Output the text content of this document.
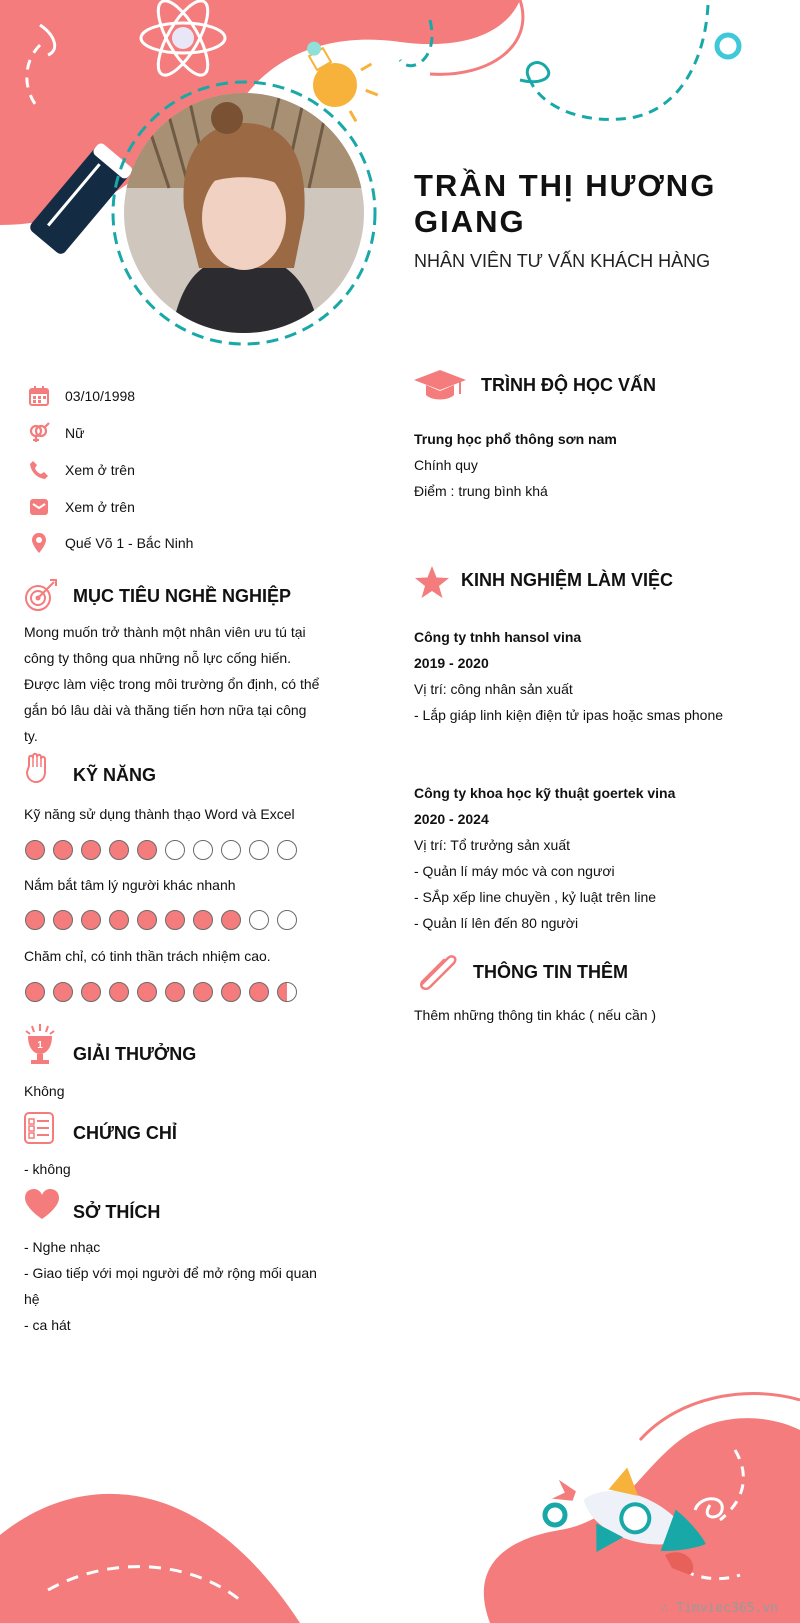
TRẦN THỊ HƯƠNG GIANG
NHÂN VIÊN TƯ VẤN KHÁCH HÀNG
03/10/1998
Nữ
Xem ở trên
Xem ở trên
Quế Võ 1 - Bắc Ninh
MỤC TIÊU NGHỀ NGHIỆP
Mong muốn trở thành một nhân viên ưu tú tại
công ty thông qua những nỗ lực cống hiến.
Được làm việc trong môi trường ổn định, có thể
gắn bó lâu dài và thăng tiến hơn nữa tại công
ty.
KỸ NĂNG
Kỹ năng sử dụng thành thạo Word và Excel
Nắm bắt tâm lý người khác nhanh
Chăm chỉ, có tinh thần trách nhiệm cao.
1 GIẢI THƯỞNG
Không
CHỨNG CHỈ
- không
SỞ THÍCH
- Nghe nhạc
- Giao tiếp với mọi người để mở rộng mối quan
hệ
- ca hát
TRÌNH ĐỘ HỌC VẤN
Trung học phổ thông sơn nam
Chính quy
Điểm : trung bình khá
KINH NGHIỆM LÀM VIỆC
Công ty tnhh hansol vina
2019 - 2020
Vị trí: công nhân sản xuất
- Lắp giáp linh kiện điện tử ipas hoặc smas phone
Công ty khoa học kỹ thuật goertek vina
2020 - 2024
Vị trí: Tổ trưởng sản xuất
- Quản lí máy móc và con ngươi
- SẮp xếp line chuyền , kỷ luật trên line
- Quản lí lên đến 80 người
THÔNG TIN THÊM
Thêm những thông tin khác ( nếu cần )
∴ Timviec365.vn
